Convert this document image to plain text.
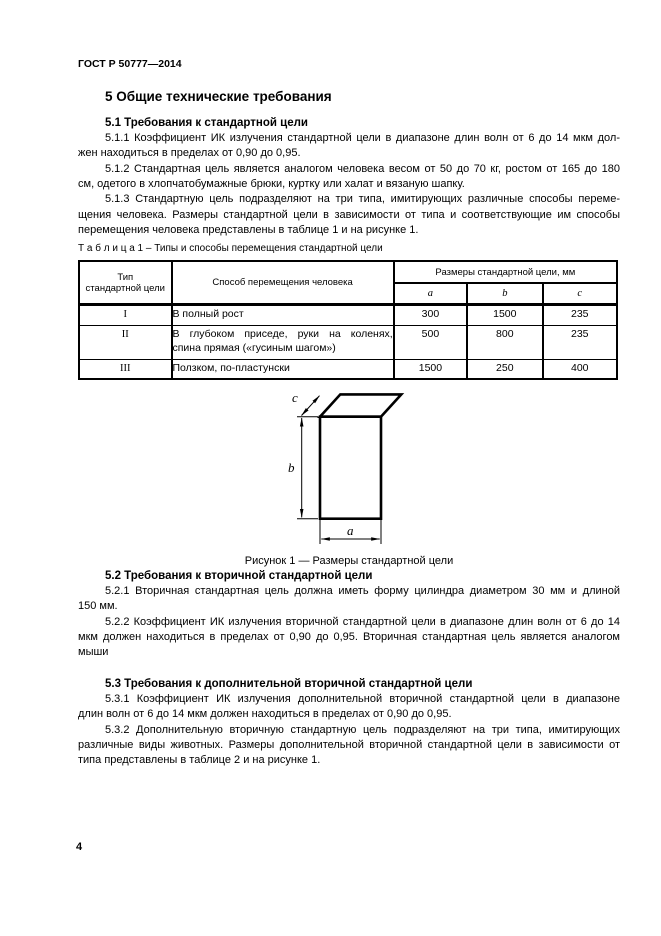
ГОСТ Р 50777—2014
5 Общие технические требования
5.1 Требования к стандартной цели
5.1.1 Коэффициент ИК излучения стандартной цели в диапазоне длин волн от 6 до 14 мкм дол-
жен находиться в пределах от 0,90 до 0,95.
5.1.2 Стандартная цель является аналогом человека весом от 50 до 70 кг, ростом от 165 до 180
см, одетого в хлопчатобумажные брюки, куртку или халат и вязаную шапку.
5.1.3 Стандартную цель подразделяют на три типа, имитирующих различные способы переме-
щения человека. Размеры стандартной цели в зависимости от типа и соответствующие им способы
перемещения человека представлены в таблице 1 и на рисунке 1.
Т а б л и ц а 1 – Типы и способы перемещения стандартной цели
Тип
стандартной цели	Способ перемещения человека	Размеры стандартной цели, мм		
		a	b	c
I	В полный рост	300	1500	235
II	В глубоком приседе, руки на коленях,
спина прямая («гусиным шагом»)	500	800	235
III	Ползком, по-пластунски	1500	250	400
c
b
a
Рисунок 1 — Размеры стандартной цели
5.2 Требования к вторичной стандартной цели
5.2.1 Вторичная стандартная цель должна иметь форму цилиндра диаметром 30 мм и длиной
150 мм.
5.2.2 Коэффициент ИК излучения вторичной стандартной цели в диапазоне длин волн от 6 до 14
мкм должен находиться в пределах от 0,90 до 0,95. Вторичная стандартная цель является аналогом
мыши
5.3 Требования к дополнительной вторичной стандартной цели
5.3.1 Коэффициент ИК излучения дополнительной вторичной стандартной цели в диапазоне
длин волн от 6 до 14 мкм должен находиться в пределах от 0,90 до 0,95.
5.3.2 Дополнительную вторичную стандартную цель подразделяют на три типа, имитирующих
различные виды животных. Размеры дополнительной вторичной стандартной цели в зависимости от
типа представлены в таблице 2 и на рисунке 1.
4
